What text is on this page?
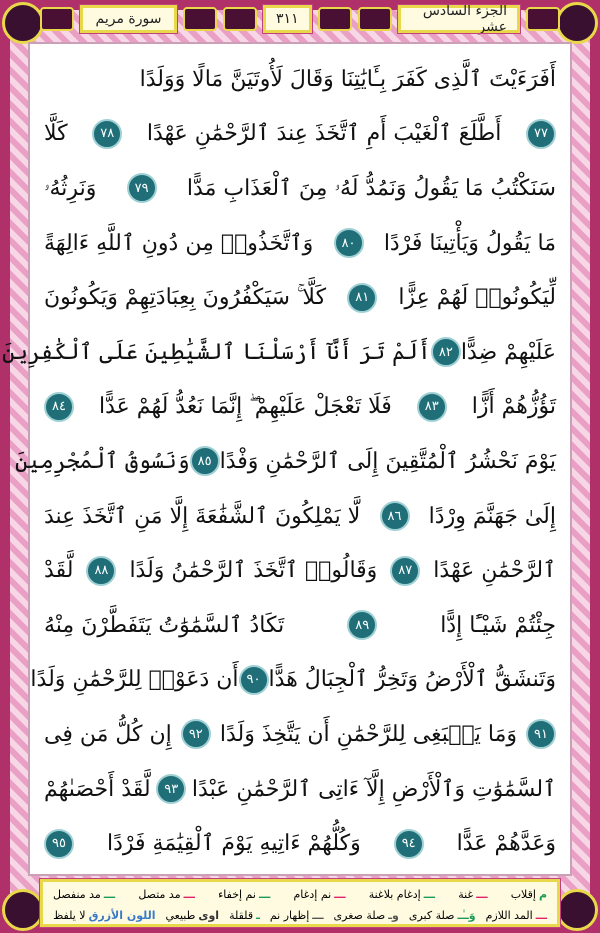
سورة مريم	٣١١	الجزء السادس عشر
أَفَرَءَيْتَ ٱلَّذِى كَفَرَ بِـَٔايَٰتِنَا وَقَالَ لَأُوتَيَنَّ مَالًا وَوَلَدًا
٧٧
أَطَّلَعَ ٱلْغَيْبَ أَمِ ٱتَّخَذَ عِندَ ٱلرَّحْمَٰنِ عَهْدًا
٧٨
كَلَّا
سَنَكْتُبُ مَا يَقُولُ وَنَمُدُّ لَهُۥ مِنَ ٱلْعَذَابِ مَدًّا
٧٩
وَنَرِثُهُۥ
مَا يَقُولُ وَيَأْتِينَا فَرْدًا
٨٠
وَٱتَّخَذُوا۟ مِن دُونِ ٱللَّهِ ءَالِهَةً
لِّيَكُونُوا۟ لَهُمْ عِزًّا
٨١
كَلَّا ۚ سَيَكْفُرُونَ بِعِبَادَتِهِمْ وَيَكُونُونَ
عَلَيْهِمْ ضِدًّا
٨٢
أَلَمْ تَرَ أَنَّآ أَرْسَلْنَا ٱلشَّيَٰطِينَ عَلَى ٱلْكَٰفِرِينَ
تَؤُزُّهُمْ أَزًّا
٨٣
فَلَا تَعْجَلْ عَلَيْهِمْ ۖ إِنَّمَا نَعُدُّ لَهُمْ عَدًّا
٨٤
يَوْمَ نَحْشُرُ ٱلْمُتَّقِينَ إِلَى ٱلرَّحْمَٰنِ وَفْدًا
٨٥
وَنَسُوقُ ٱلْمُجْرِمِينَ
إِلَىٰ جَهَنَّمَ وِرْدًا
٨٦
لَّا يَمْلِكُونَ ٱلشَّفَٰعَةَ إِلَّا مَنِ ٱتَّخَذَ عِندَ
ٱلرَّحْمَٰنِ عَهْدًا
٨٧
وَقَالُوا۟ ٱتَّخَذَ ٱلرَّحْمَٰنُ وَلَدًا
٨٨
لَّقَدْ
جِئْتُمْ شَيْـًٔا إِدًّا
٨٩
تَكَادُ ٱلسَّمَٰوَٰتُ يَتَفَطَّرْنَ مِنْهُ
وَتَنشَقُّ ٱلْأَرْضُ وَتَخِرُّ ٱلْجِبَالُ هَدًّا
٩٠
أَن دَعَوْا۟ لِلرَّحْمَٰنِ وَلَدًا
٩١
وَمَا يَنۢبَغِى لِلرَّحْمَٰنِ أَن يَتَّخِذَ وَلَدًا
٩٢
إِن كُلُّ مَن فِى
ٱلسَّمَٰوَٰتِ وَٱلْأَرْضِ إِلَّآ ءَاتِى ٱلرَّحْمَٰنِ عَبْدًا
٩٣
لَّقَدْ أَحْصَىٰهُمْ
وَعَدَّهُمْ عَدًّا
٩٤
وَكُلُّهُمْ ءَاتِيهِ يَوْمَ ٱلْقِيَٰمَةِ فَرْدًا
٩٥
م
إقلاب
ـــ
غنة
ـــ
إدغام بلاغنة
ـــ
نم إدغام
ـــ
نم إخفاء
ـــ
مد متصل
ـــ
مد منفصل
ـــ
المد اللازم
وَــٰـ
صلة كبرى
وـ
صلة صغرى
ـــ
إظهار نم
ـ
قلقلة
اوى
طبيعي
اللون الأزرق
لا يلفظ
